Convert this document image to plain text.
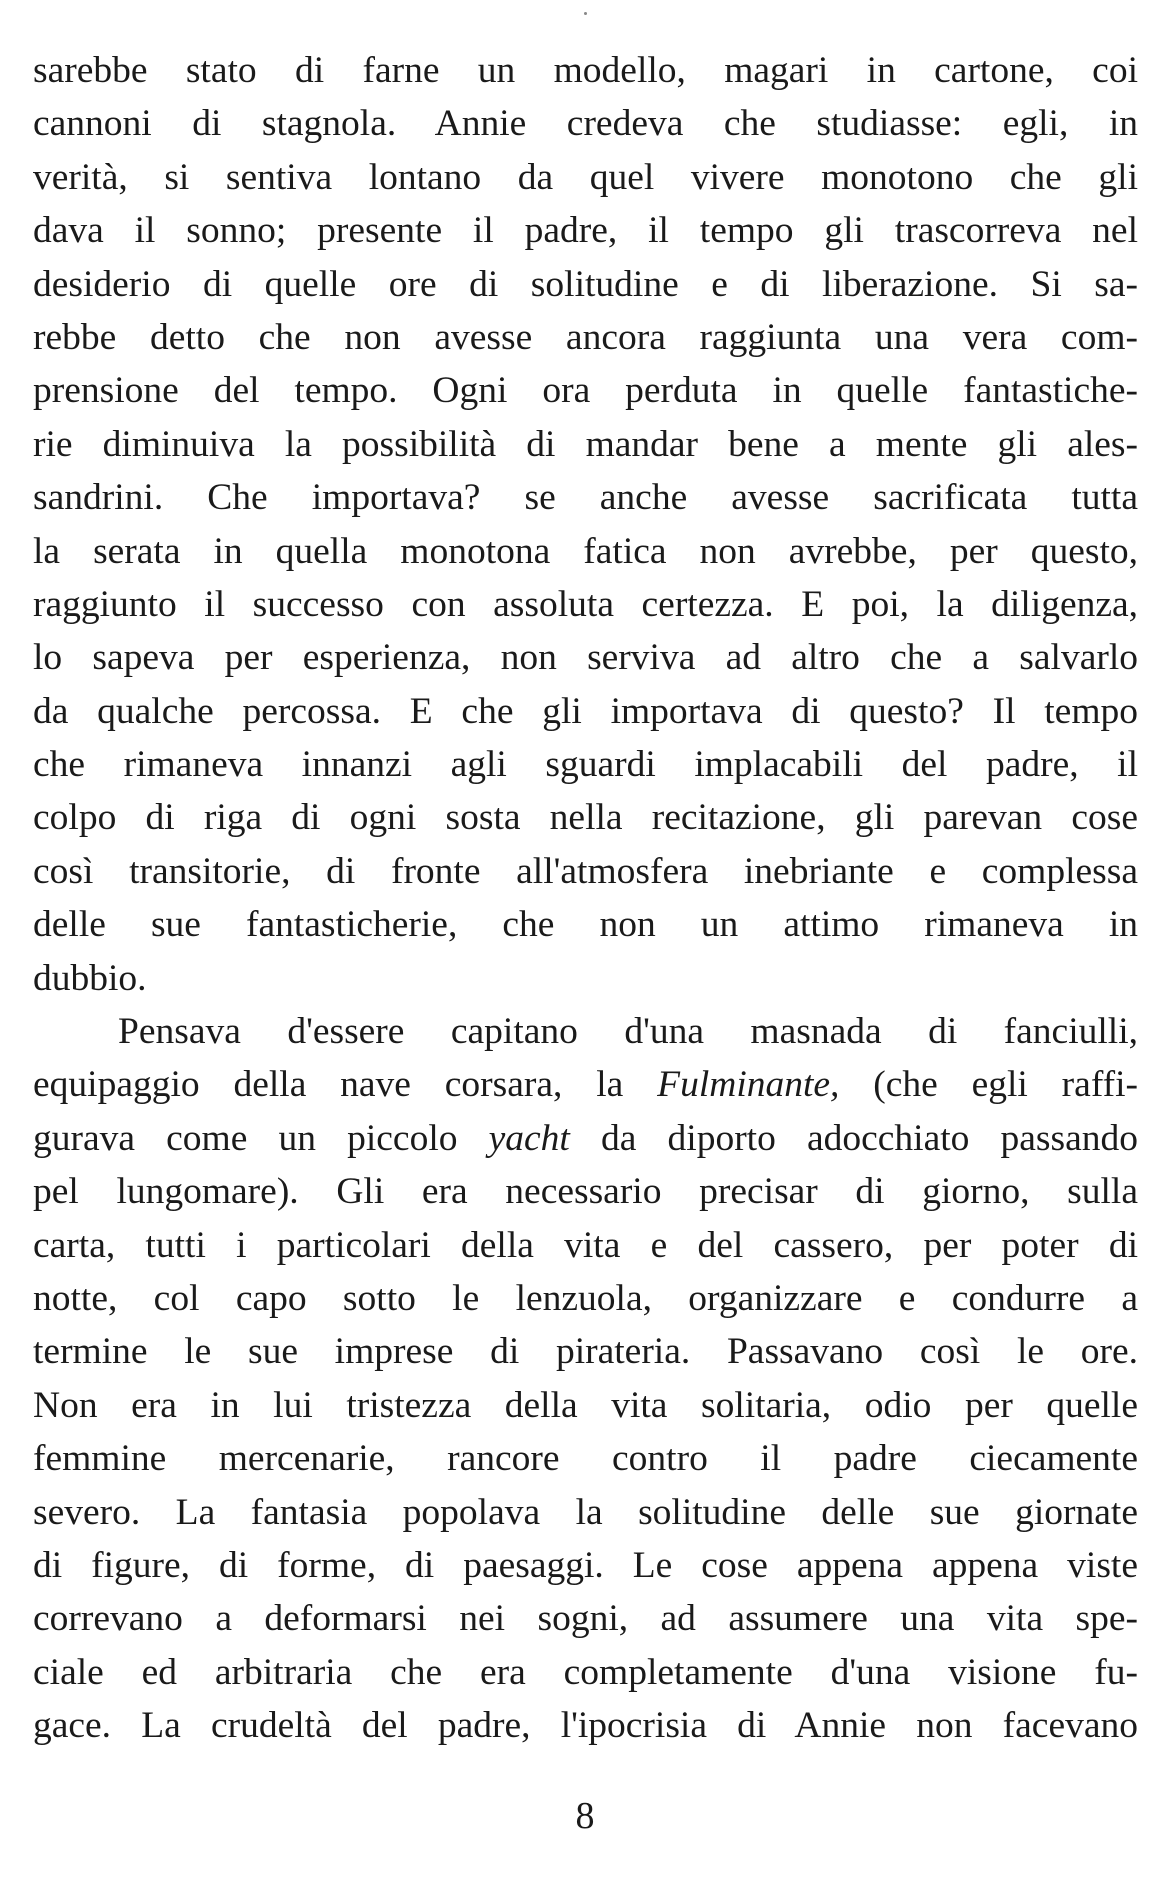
sarebbe stato di farne un modello, magari in cartone, coi
cannoni di stagnola. Annie credeva che studiasse: egli, in
verità, si sentiva lontano da quel vivere monotono che gli
dava il sonno; presente il padre, il tempo gli trascorreva nel
desiderio di quelle ore di solitudine e di liberazione. Si sa-
rebbe detto che non avesse ancora raggiunta una vera com-
prensione del tempo. Ogni ora perduta in quelle fantastiche-
rie diminuiva la possibilità di mandar bene a mente gli ales-
sandrini. Che importava? se anche avesse sacrificata tutta
la serata in quella monotona fatica non avrebbe, per questo,
raggiunto il successo con assoluta certezza. E poi, la diligenza,
lo sapeva per esperienza, non serviva ad altro che a salvarlo
da qualche percossa. E che gli importava di questo? Il tempo
che rimaneva innanzi agli sguardi implacabili del padre, il
colpo di riga di ogni sosta nella recitazione, gli parevan cose
così transitorie, di fronte all'atmosfera inebriante e complessa
delle sue fantasticherie, che non un attimo rimaneva in
dubbio.
Pensava d'essere capitano d'una masnada di fanciulli,
equipaggio della nave corsara, la Fulminante, (che egli raffi-
gurava come un piccolo yacht da diporto adocchiato passando
pel lungomare). Gli era necessario precisar di giorno, sulla
carta, tutti i particolari della vita e del cassero, per poter di
notte, col capo sotto le lenzuola, organizzare e condurre a
termine le sue imprese di pirateria. Passavano così le ore.
Non era in lui tristezza della vita solitaria, odio per quelle
femmine mercenarie, rancore contro il padre ciecamente
severo. La fantasia popolava la solitudine delle sue giornate
di figure, di forme, di paesaggi. Le cose appena appena viste
correvano a deformarsi nei sogni, ad assumere una vita spe-
ciale ed arbitraria che era completamente d'una visione fu-
gace. La crudeltà del padre, l'ipocrisia di Annie non facevano
8
